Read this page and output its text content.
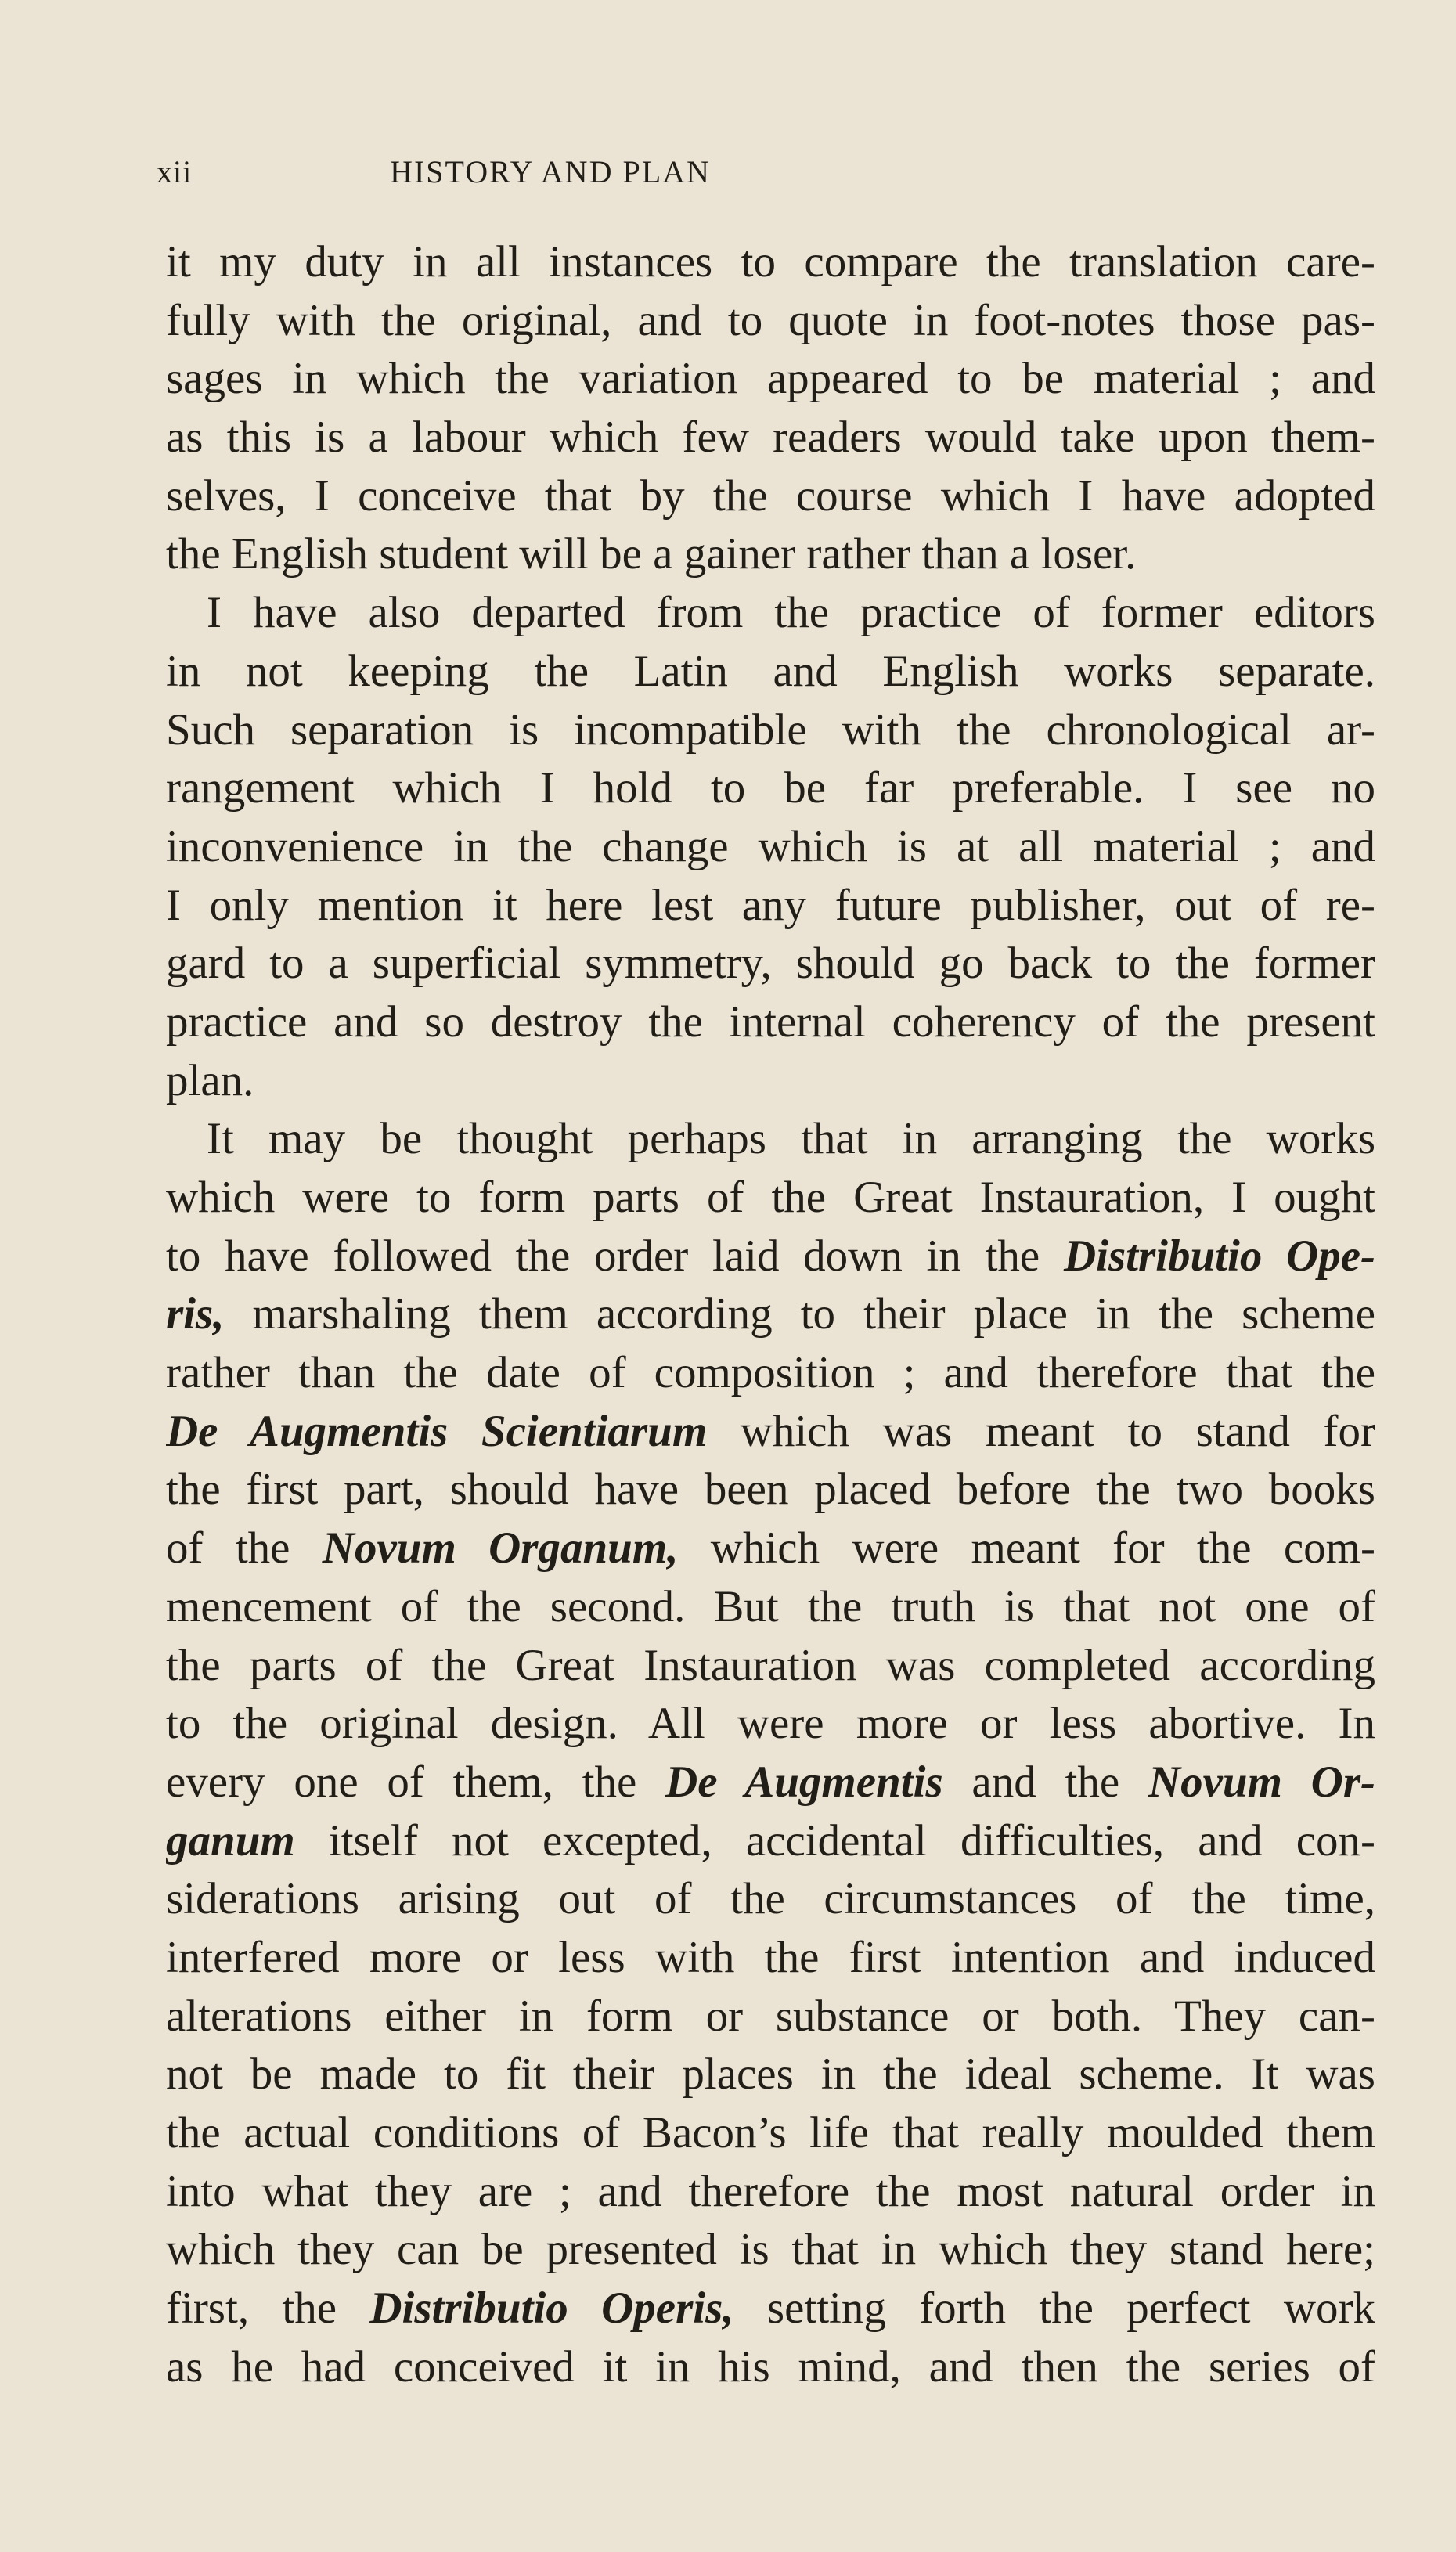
xii	HISTORY AND PLAN
it my duty in all instances to compare the translation care-
fully with the original, and to quote in foot-notes those pas-
sages in which the variation appeared to be material ; and
as this is a labour which few readers would take upon them-
selves, I conceive that by the course which I have adopted
the English student will be a gainer rather than a loser.
I have also departed from the practice of former editors
in not keeping the Latin and English works separate.
Such separation is incompatible with the chronological ar-
rangement which I hold to be far preferable. I see no
inconvenience in the change which is at all material ; and
I only mention it here lest any future publisher, out of re-
gard to a superficial symmetry, should go back to the former
practice and so destroy the internal coherency of the present
plan.
It may be thought perhaps that in arranging the works
which were to form parts of the Great Instauration, I ought
to have followed the order laid down in the Distributio Ope-
ris, marshaling them according to their place in the scheme
rather than the date of composition ; and therefore that the
De Augmentis Scientiarum which was meant to stand for
the first part, should have been placed before the two books
of the Novum Organum, which were meant for the com-
mencement of the second. But the truth is that not one of
the parts of the Great Instauration was completed according
to the original design. All were more or less abortive. In
every one of them, the De Augmentis and the Novum Or-
ganum itself not excepted, accidental difficulties, and con-
siderations arising out of the circumstances of the time,
interfered more or less with the first intention and induced
alterations either in form or substance or both. They can-
not be made to fit their places in the ideal scheme. It was
the actual conditions of Bacon’s life that really moulded them
into what they are ; and therefore the most natural order in
which they can be presented is that in which they stand here;
first, the Distributio Operis, setting forth the perfect work
as he had conceived it in his mind, and then the series of
